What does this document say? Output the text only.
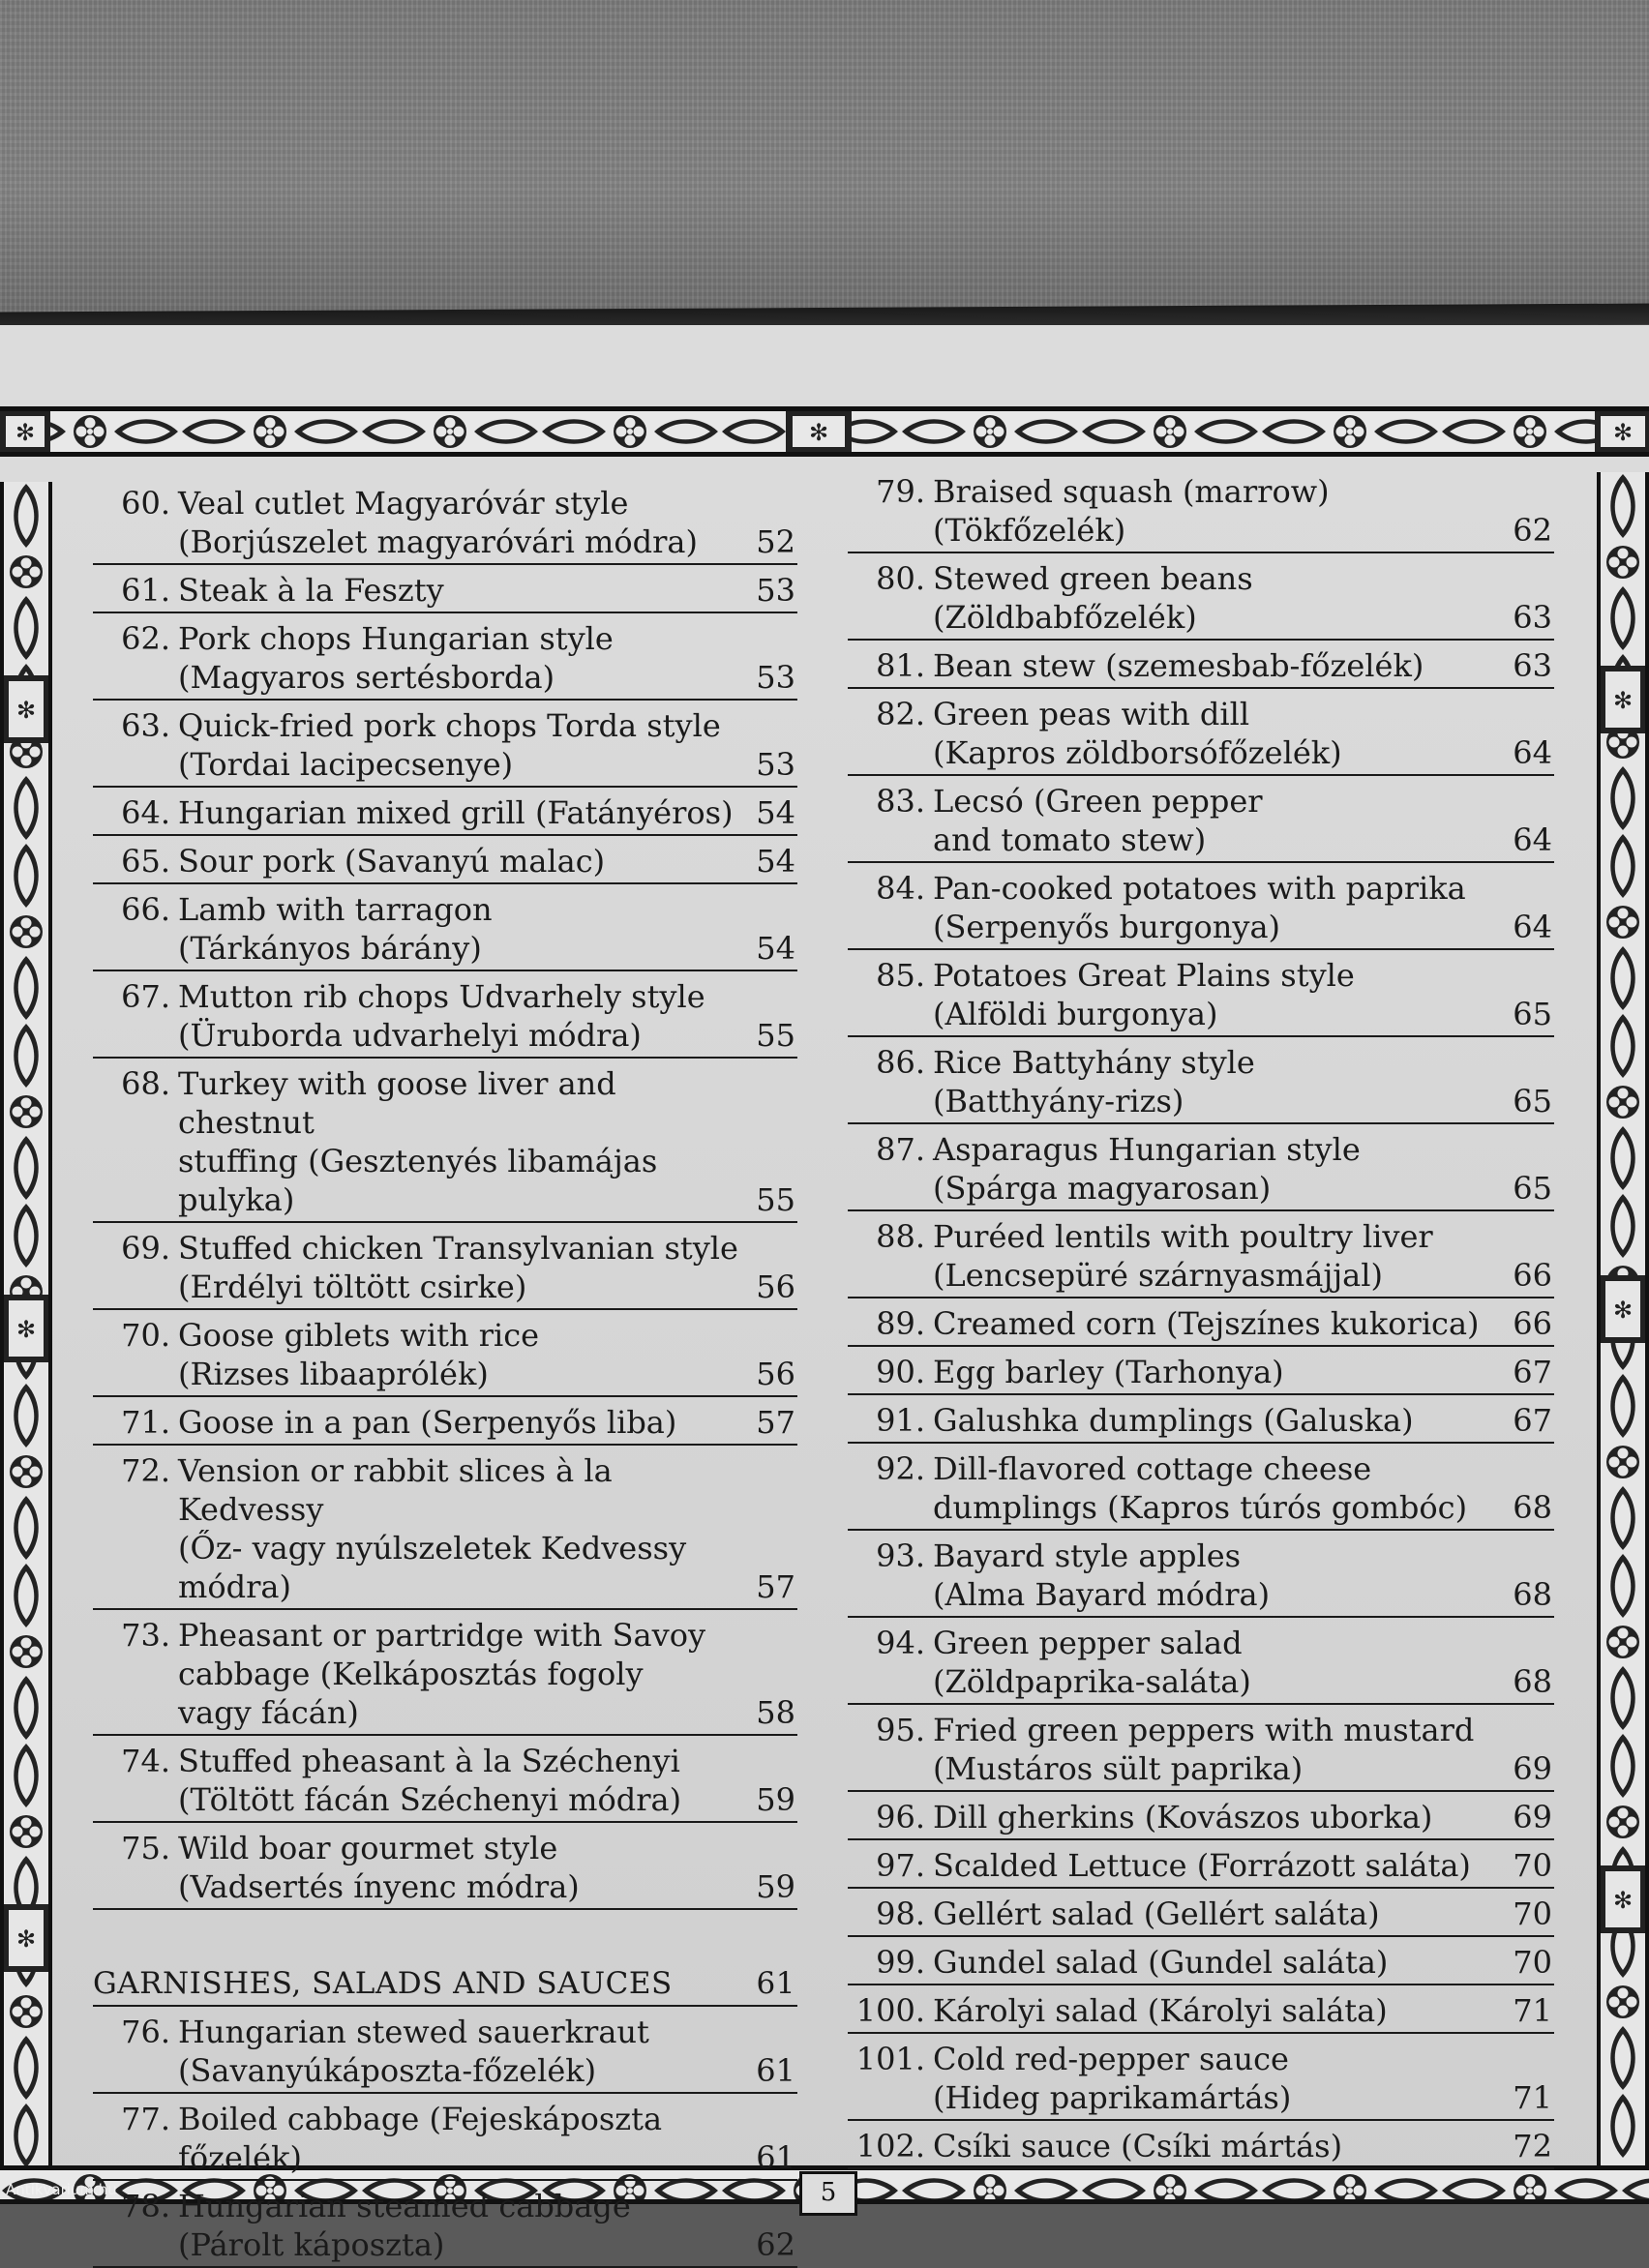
✻	✻	✻
✻
✻
✻
✻
✻
✻
60. Veal cutlet Magyaróvár style
(Borjúszelet magyaróvári módra)	52
61. Steak à la Feszty	53
62. Pork chops Hungarian style
(Magyaros sertésborda)	53
63. Quick-fried pork chops Torda style
(Tordai lacipecsenye)	53
64. Hungarian mixed grill (Fatányéros) 54
65. Sour pork (Savanyú malac)	54
66. Lamb with tarragon
(Tárkányos bárány)	54
67. Mutton rib chops Udvarhely style
(Üruborda udvarhelyi módra)	55
68. Turkey with goose liver and chestnut
stuffing (Gesztenyés libamájas
pulyka)	55
69. Stuffed chicken Transylvanian style
(Erdélyi töltött csirke)	56
70. Goose giblets with rice
(Rizses libaaprólék)	56
71. Goose in a pan (Serpenyős liba)	57
72. Vension or rabbit slices à la Kedvessy
(Őz- vagy nyúlszeletek Kedvessy
módra)	57
73. Pheasant or partridge with Savoy
cabbage (Kelkáposztás fogoly
vagy fácán)	58
74. Stuffed pheasant à la Széchenyi
(Töltött fácán Széchenyi módra)	59
75. Wild boar gourmet style
(Vadsertés ínyenc módra)	59
GARNISHES, SALADS AND SAUCES	61
76. Hungarian stewed sauerkraut
(Savanyúkáposzta-főzelék)	61
77. Boiled cabbage (Fejeskáposzta
főzelék)	61
78. Hungarian steamed cabbage
(Párolt káposzta)	62
79. Braised squash (marrow)
(Tökfőzelék)	62
80. Stewed green beans (Zöldbabfőzelék)	63
81. Bean stew (szemesbab-főzelék)	63
82. Green peas with dill
(Kapros zöldborsófőzelék)	64
83. Lecsó (Green pepper
and tomato stew)	64
84. Pan-cooked potatoes with paprika
(Serpenyős burgonya)	64
85. Potatoes Great Plains style
(Alföldi burgonya)	65
86. Rice Battyhány style
(Batthyány-rizs)	65
87. Asparagus Hungarian style
(Spárga magyarosan)	65
88. Puréed lentils with poultry liver
(Lencsepüré szárnyasmájjal)	66
89. Creamed corn (Tejszínes kukorica)	66
90. Egg barley (Tarhonya)	67
91. Galushka dumplings (Galuska)	67
92. Dill-flavored cottage cheese
dumplings (Kapros túrós gombóc)	68
93. Bayard style apples
(Alma Bayard módra)	68
94. Green pepper salad
(Zöldpaprika-saláta)	68
95. Fried green peppers with mustard
(Mustáros sült paprika)	69
96. Dill gherkins (Kovászos uborka)	69
97. Scalded Lettuce (Forrázott saláta)	70
98. Gellért salad (Gellért saláta)	70
99. Gundel salad (Gundel saláta)	70
100. Károlyi salad (Károlyi saláta)	71
101. Cold red-pepper sauce
(Hideg paprikamártás)	71
102. Csíki sauce (Csíki mártás)	72
5
Antikvarium.hu
